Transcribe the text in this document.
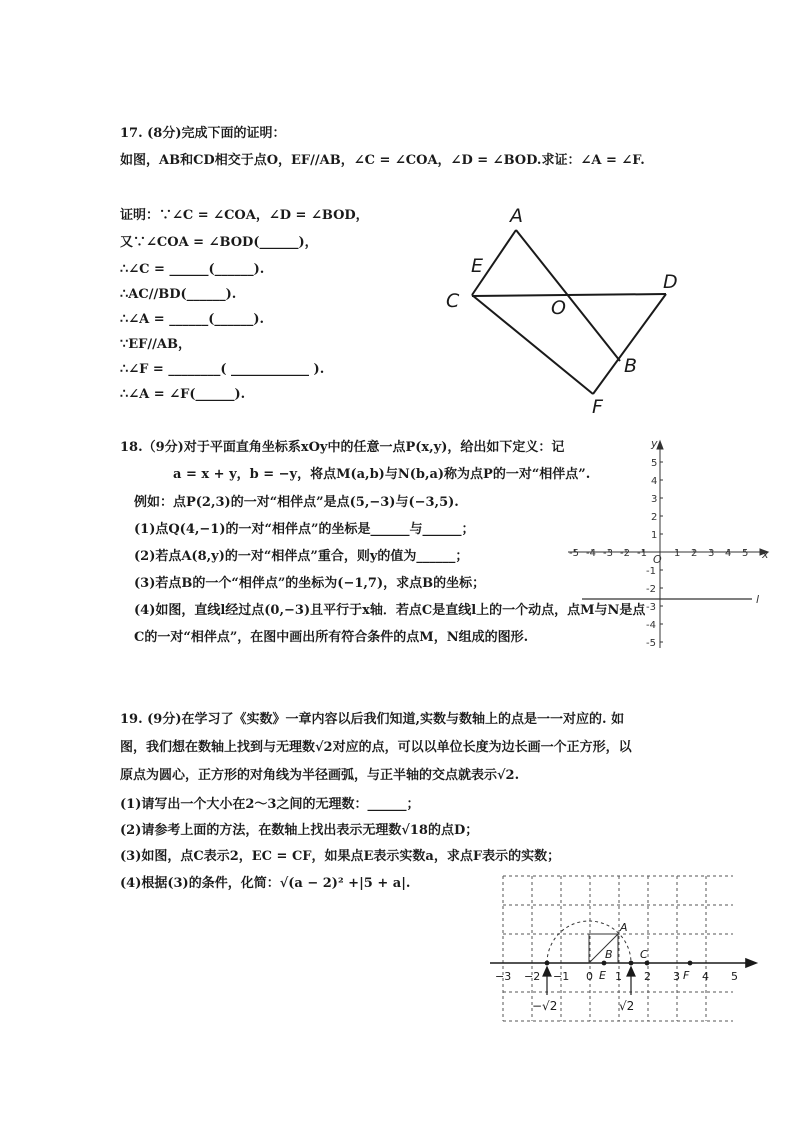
17. (8分)完成下面的证明：
如图，AB和CD相交于点O，EF//AB，∠C = ∠COA，∠D = ∠BOD.求证：∠A = ∠F.
证明：∵∠C = ∠COA，∠D = ∠BOD，
又∵∠COA = ∠BOD(______)，
∴∠C = ______(______).
∴AC//BD(______).
∴∠A = ______(______).
∵EF//AB，
∴∠F = ________( ____________ ).
∴∠A = ∠F(______).
A
E
C	O
D
B
F
18.（9分)对于平面直角坐标系xOy中的任意一点P(x,y)，给出如下定义：记
a = x + y，b = −y，将点M(a,b)与N(b,a)称为点P的一对“相伴点”.
例如：点P(2,3)的一对“相伴点”是点(5,−3)与(−3,5).
(1)点Q(4,−1)的一对“相伴点”的坐标是______与______；
(2)若点A(8,y)的一对“相伴点”重合，则y的值为______；
(3)若点B的一个“相伴点”的坐标为(−1,7)，求点B的坐标；
(4)如图，直线l经过点(0,−3)且平行于x轴．若点C是直线l上的一个动点，点M与N是点
C的一对“相伴点”，在图中画出所有符合条件的点M，N组成的图形.
-5 -4 -3 -2 -1	1 2 3 4 5
5
4
3
2
1
-1
-2
-3
-4
-5
x
y
O
l
19. (9分)在学习了《实数》一章内容以后我们知道,实数与数轴上的点是一一对应的. 如
图，我们想在数轴上找到与无理数√2对应的点，可以以单位长度为边长画一个正方形，以
原点为圆心，正方形的对角线为半径画弧，与正半轴的交点就表示√2.
(1)请写出一个大小在2～3之间的无理数：______；
(2)请参考上面的方法，在数轴上找出表示无理数√18的点D；
(3)如图，点C表示2，EC = CF，如果点E表示实数a，求点F表示的实数；
(4)根据(3)的条件，化简：√(a − 2)² +|5 + a|.
−3 −2 −1 0 1 2 3 4 5
A
B C
E	F
−√2	√2
